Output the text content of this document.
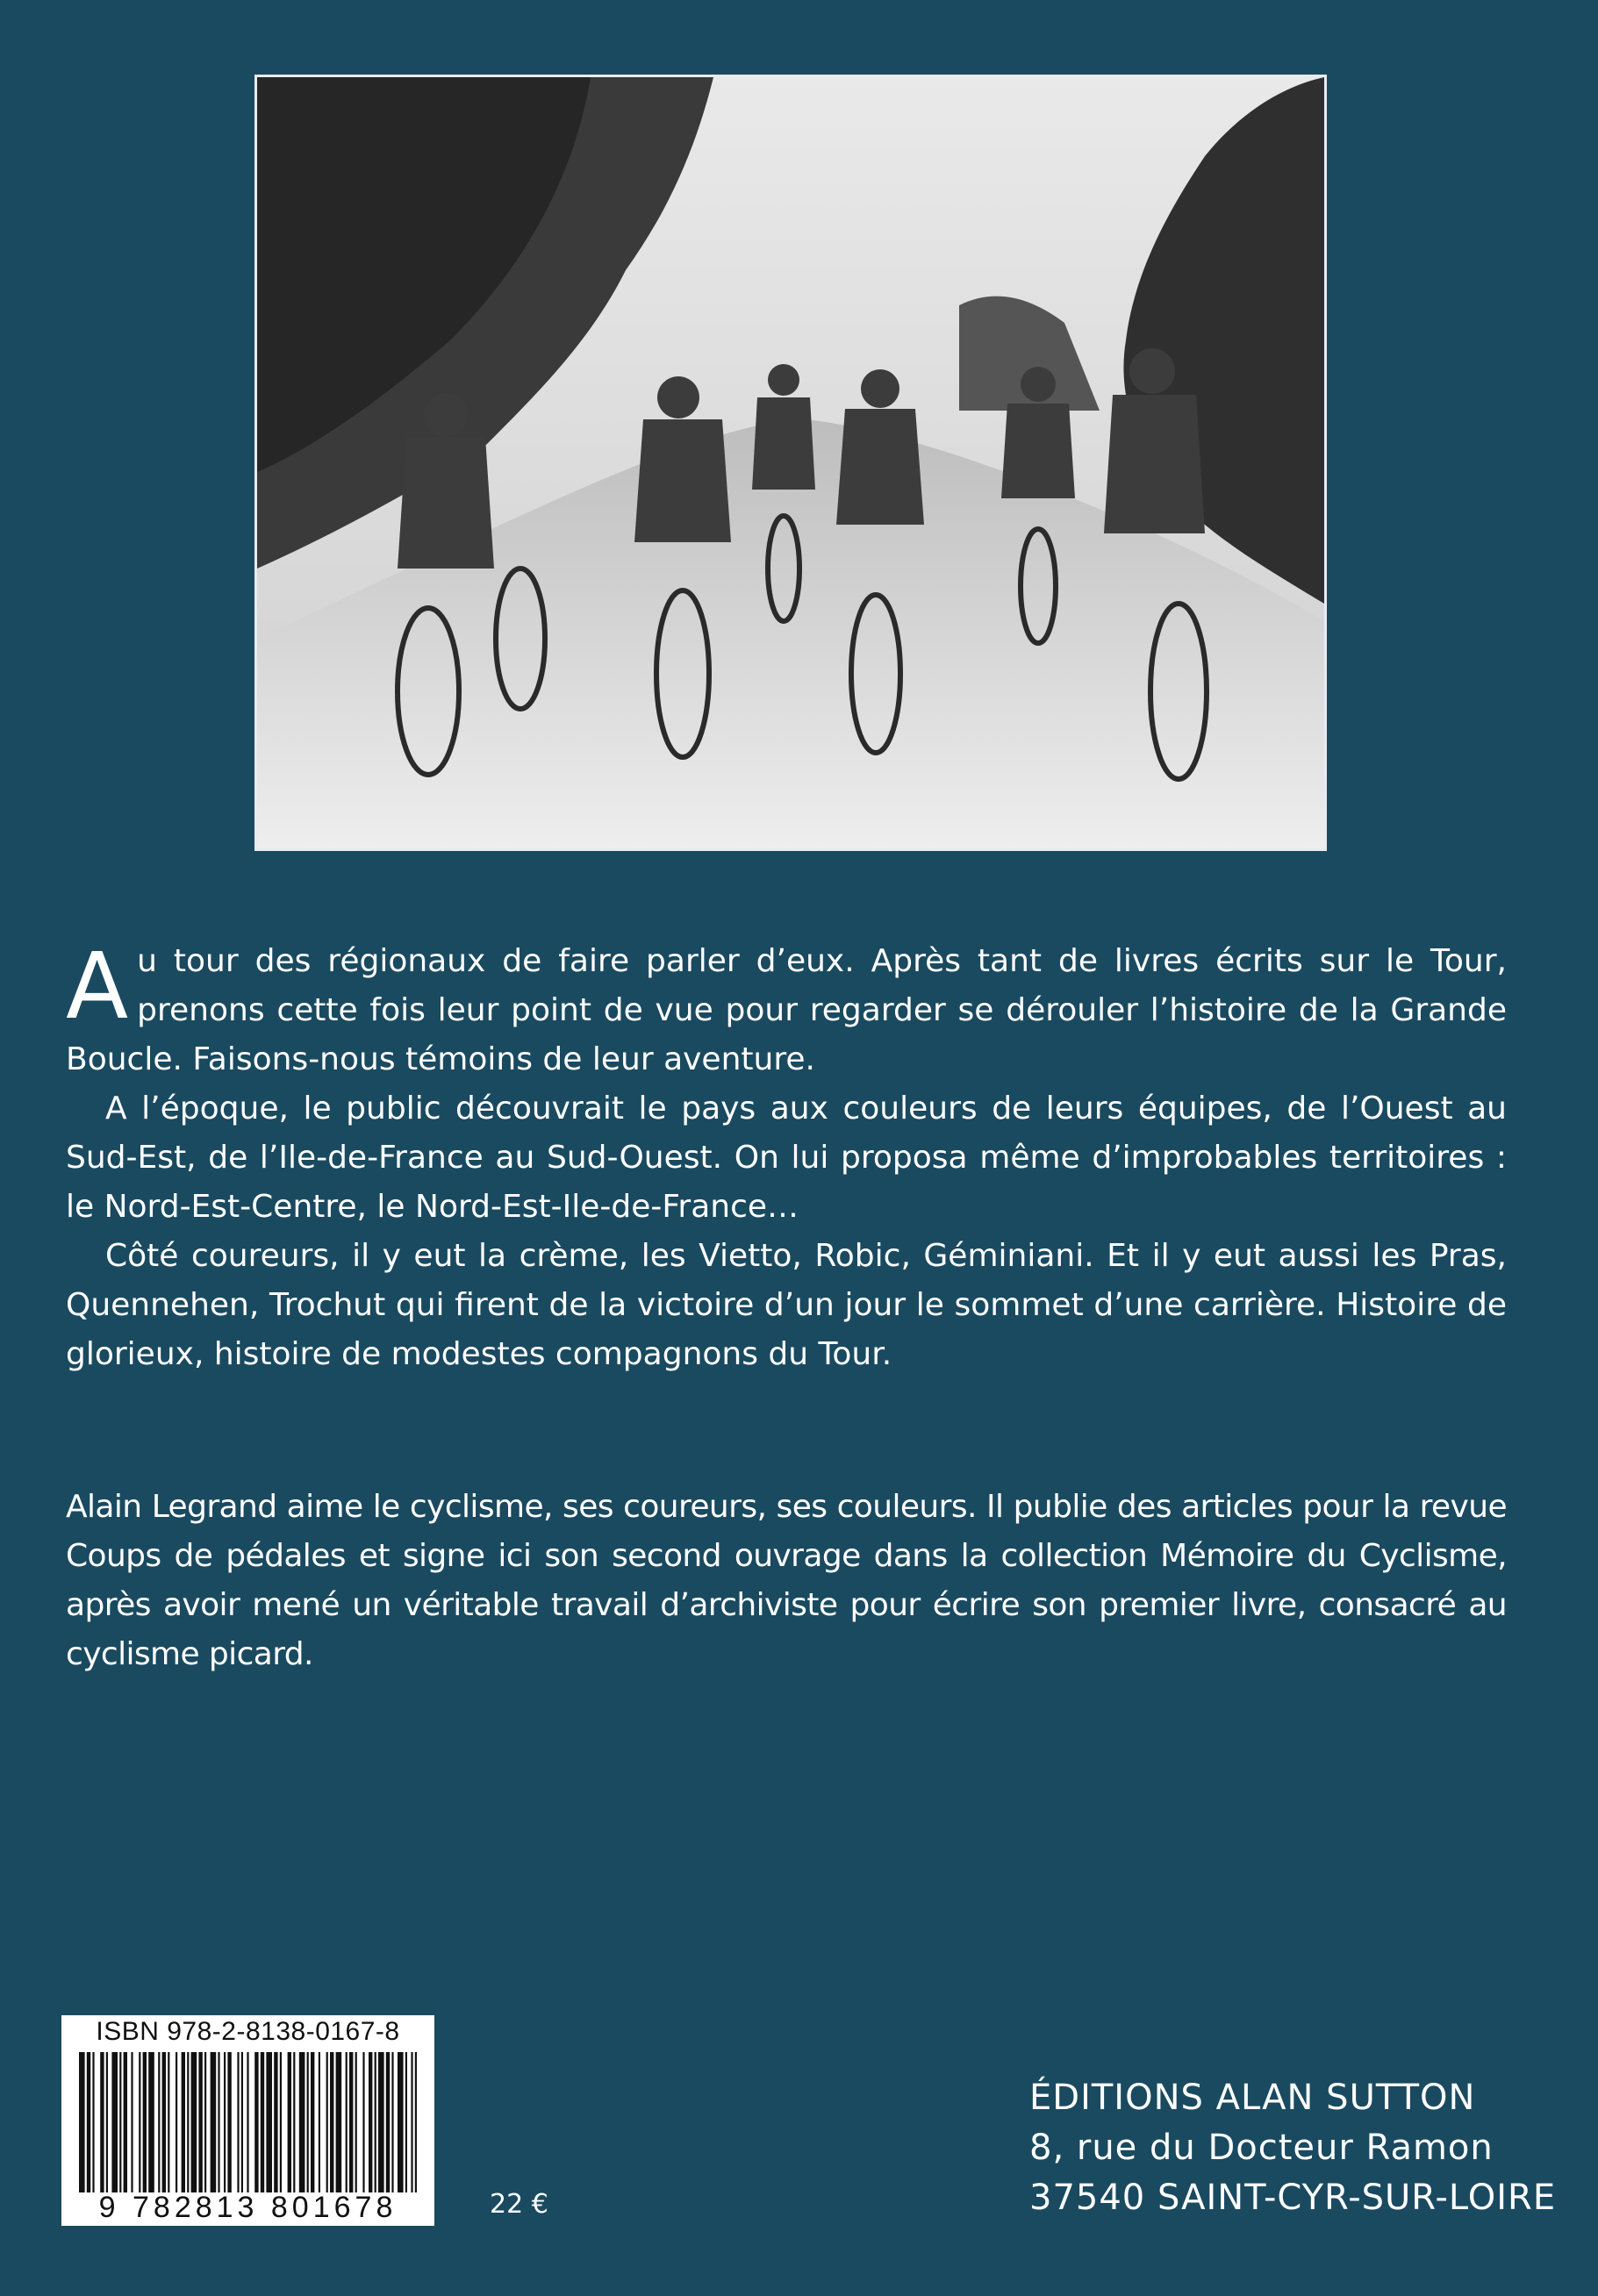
Au tour des régionaux de faire parler d’eux. Après tant de livres écrits sur le Tour, prenons cette fois leur point de vue pour regarder se dérouler l’histoire de la Grande Boucle. Faisons-nous témoins de leur aventure.

A l’époque, le public découvrait le pays aux couleurs de leurs équipes, de l’Ouest au Sud-Est, de l’Ile-de-France au Sud-Ouest. On lui proposa même d’improbables territoires : le Nord-Est-Centre, le Nord-Est-Ile-de-France…

Côté coureurs, il y eut la crème, les Vietto, Robic, Géminiani. Et il y eut aussi les Pras, Quennehen, Trochut qui firent de la victoire d’un jour le sommet d’une carrière. Histoire de glorieux, histoire de modestes compagnons du Tour.

Alain Legrand aime le cyclisme, ses coureurs, ses couleurs. Il publie des articles pour la revue Coups de pédales et signe ici son second ouvrage dans la collection Mémoire du Cyclisme, après avoir mené un véritable travail d’archiviste pour écrire son premier livre, consacré au cyclisme picard.

ISBN 978-2-8138-0167-8
9 782813 801678	22 €
ÉDITIONS ALAN SUTTON
8, rue du Docteur Ramon
37540 SAINT-CYR-SUR-LOIRE
